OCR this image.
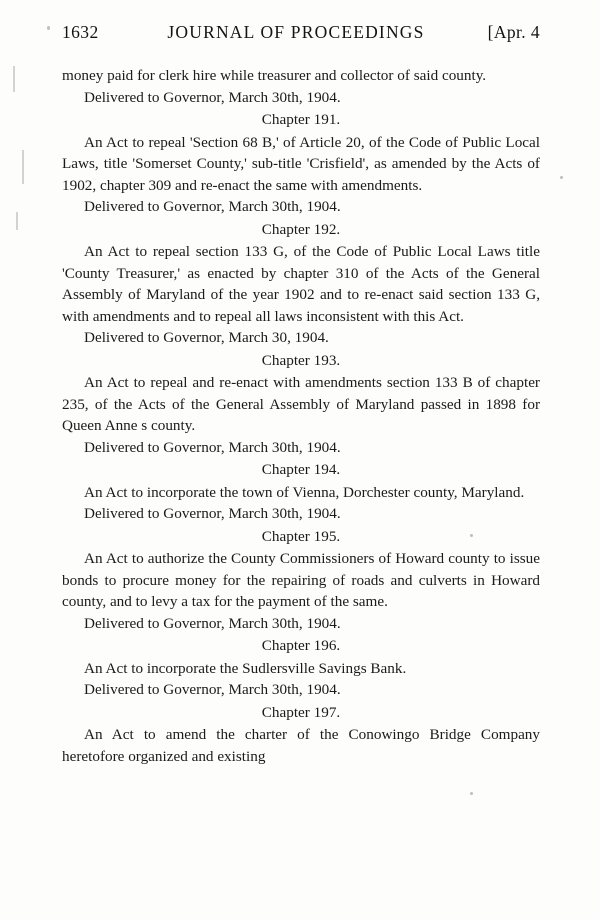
1632	JOURNAL OF PROCEEDINGS	[Apr. 4

money paid for clerk hire while treasurer and collector of said county.

Delivered to Governor, March 30th, 1904.

Chapter 191.

An Act to repeal 'Section 68 B,' of Article 20, of the Code of Public Local Laws, title 'Somerset County,' sub-title 'Crisfield', as amended by the Acts of 1902, chapter 309 and re-enact the same with amendments.

Delivered to Governor, March 30th, 1904.

Chapter 192.

An Act to repeal section 133 G, of the Code of Public Local Laws title 'County Treasurer,' as enacted by chapter 310 of the Acts of the General Assembly of Maryland of the year 1902 and to re-enact said section 133 G, with amendments and to repeal all laws inconsistent with this Act.

Delivered to Governor, March 30, 1904.

Chapter 193.

An Act to repeal and re-enact with amendments section 133 B of chapter 235, of the Acts of the General Assembly of Maryland passed in 1898 for Queen Anne s county.

Delivered to Governor, March 30th, 1904.

Chapter 194.

An Act to incorporate the town of Vienna, Dorchester county, Maryland.

Delivered to Governor, March 30th, 1904.

Chapter 195.

An Act to authorize the County Commissioners of Howard county to issue bonds to procure money for the repairing of roads and culverts in Howard county, and to levy a tax for the payment of the same.

Delivered to Governor, March 30th, 1904.

Chapter 196.

An Act to incorporate the Sudlersville Savings Bank.

Delivered to Governor, March 30th, 1904.

Chapter 197.

An Act to amend the charter of the Conowingo Bridge Company heretofore organized and existing
